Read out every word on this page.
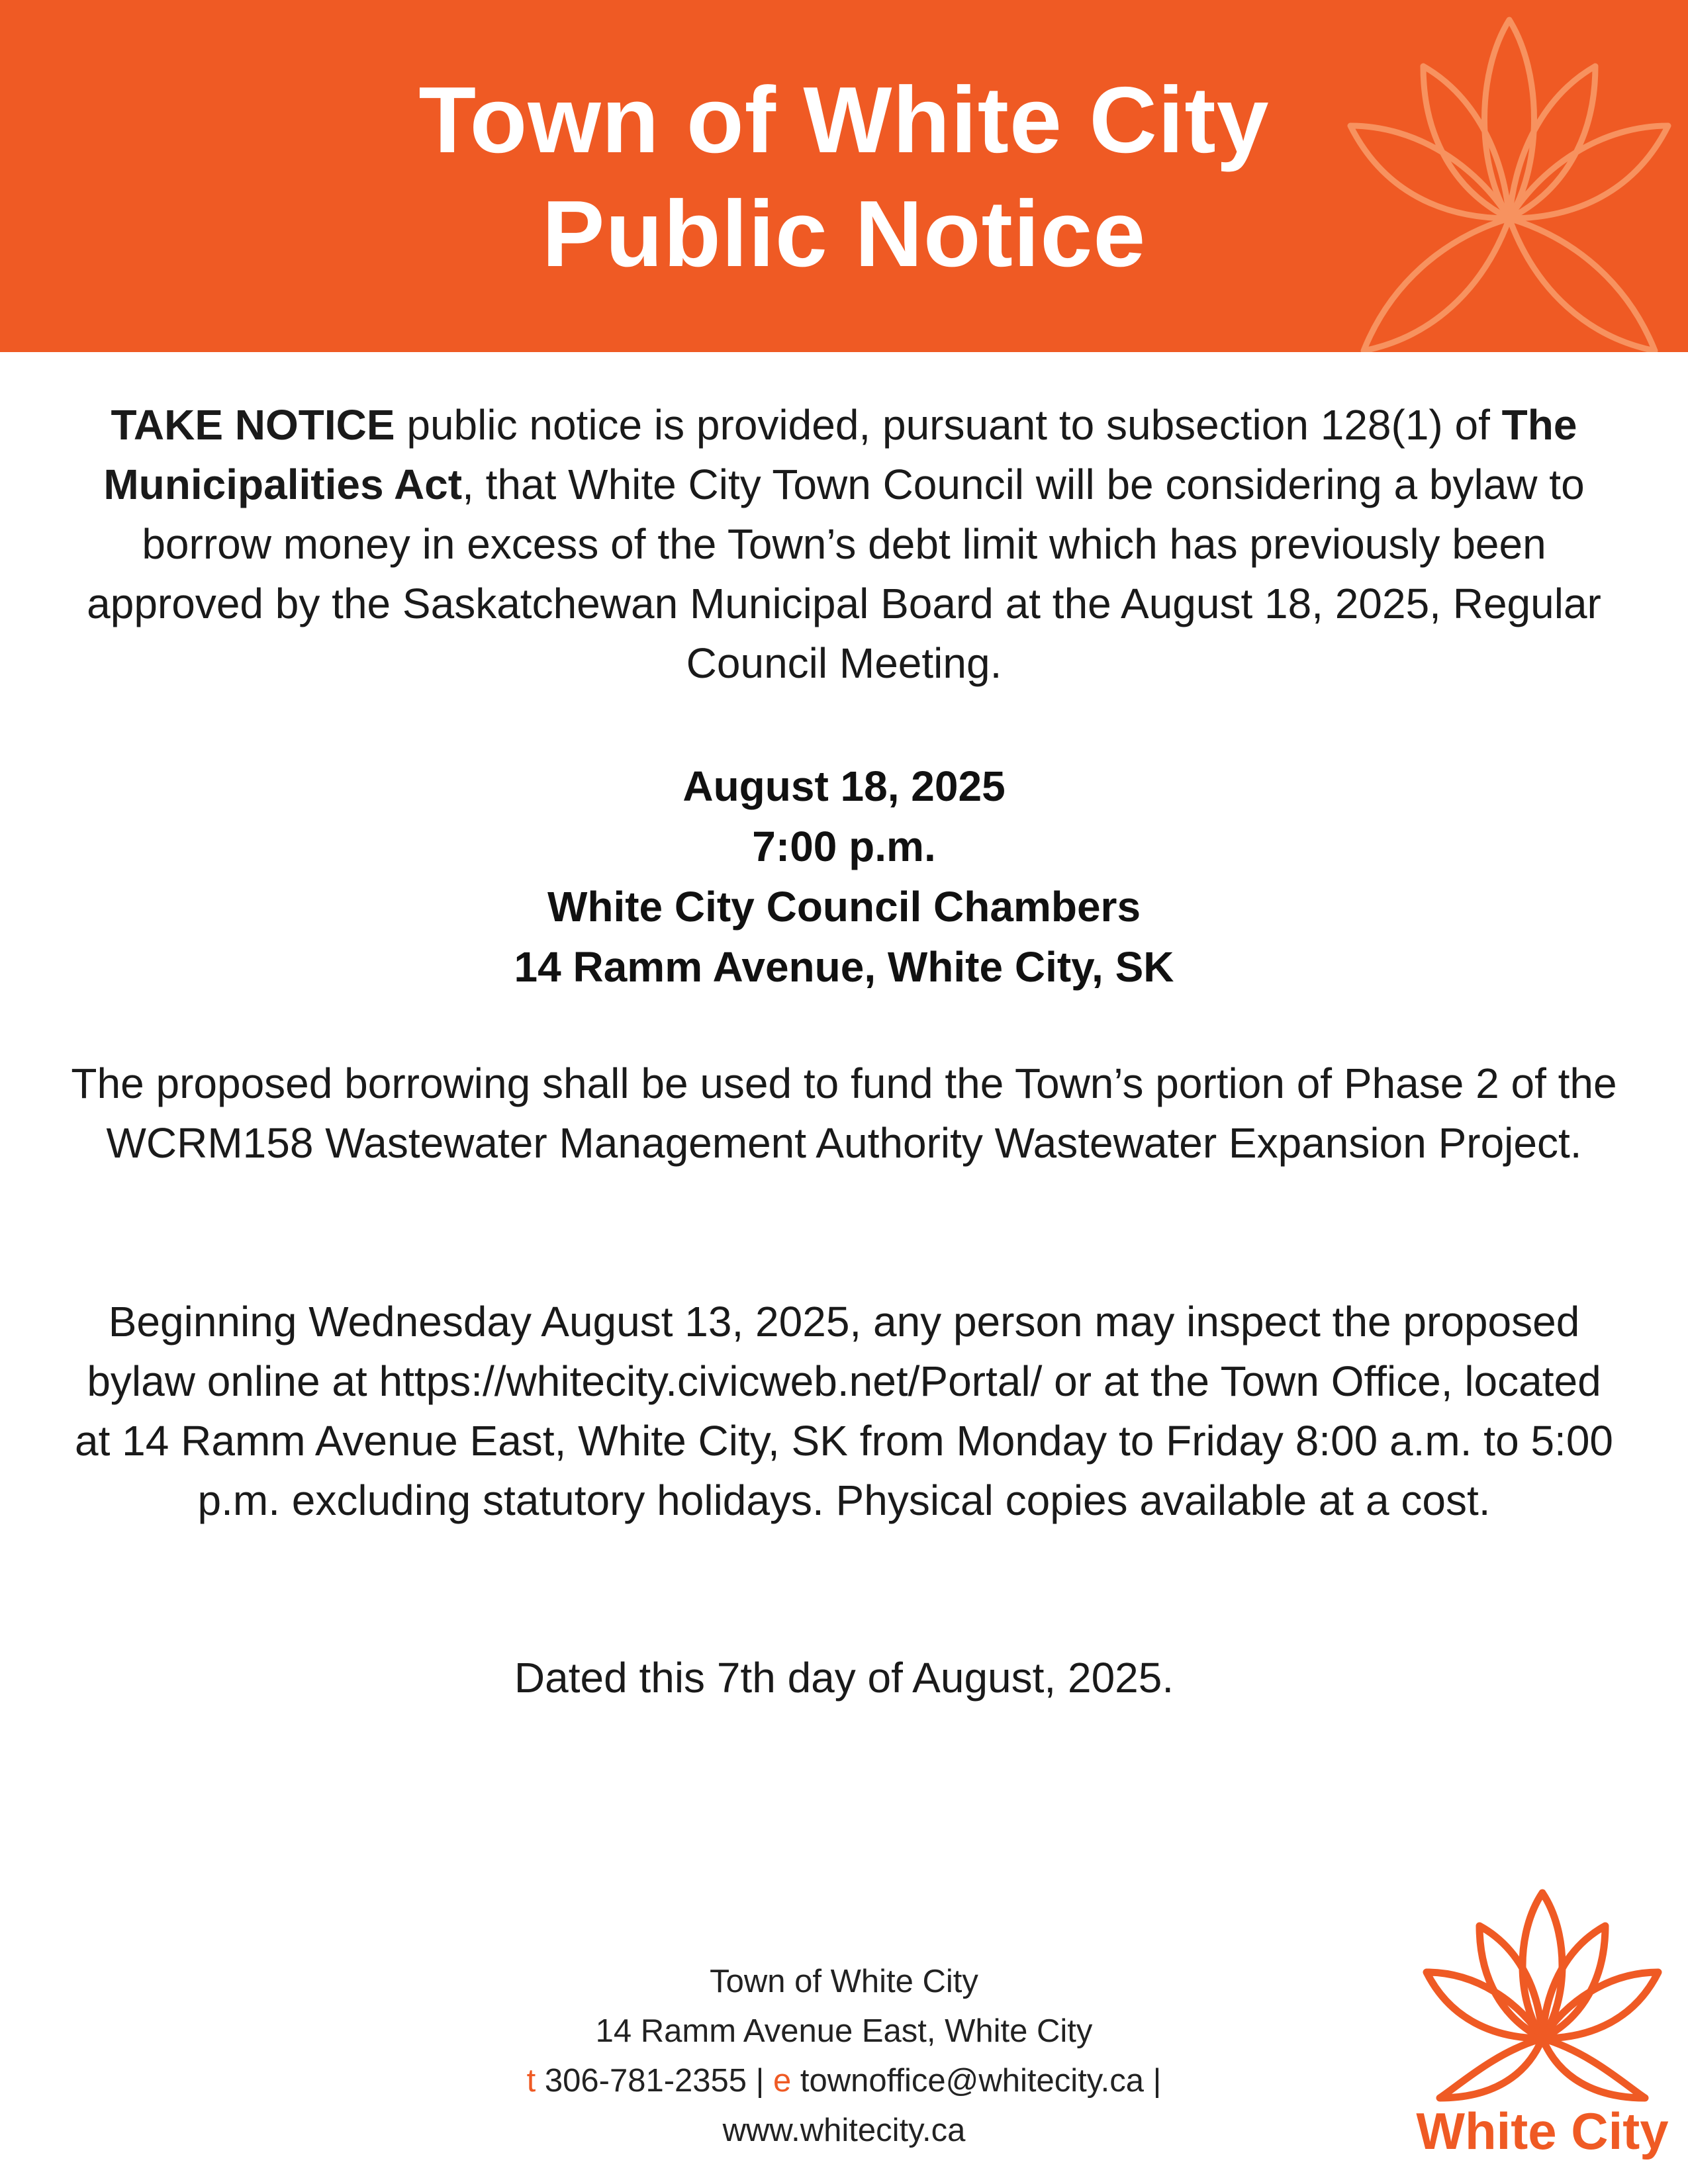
Town of White City
Public Notice
TAKE NOTICE public notice is provided, pursuant to subsection 128(1) of The Municipalities Act, that White City Town Council will be considering a bylaw to borrow money in excess of the Town’s debt limit which has previously been approved by the Saskatchewan Municipal Board at the August 18, 2025, Regular Council Meeting.
August 18, 2025
7:00 p.m.
White City Council Chambers
14 Ramm Avenue, White City, SK
The proposed borrowing shall be used to fund the Town’s portion of Phase 2 of the WCRM158 Wastewater Management Authority Wastewater Expansion Project.
Beginning Wednesday August 13, 2025, any person may inspect the proposed bylaw online at https://whitecity.civicweb.net/Portal/ or at the Town Office, located at 14 Ramm Avenue East, White City, SK from Monday to Friday 8:00 a.m. to 5:00 p.m. excluding statutory holidays. Physical copies available at a cost.
Dated this 7th day of August, 2025.
Town of White City
14 Ramm Avenue East, White City
t 306-781-2355 | e townoffice@whitecity.ca | www.whitecity.ca	White City
